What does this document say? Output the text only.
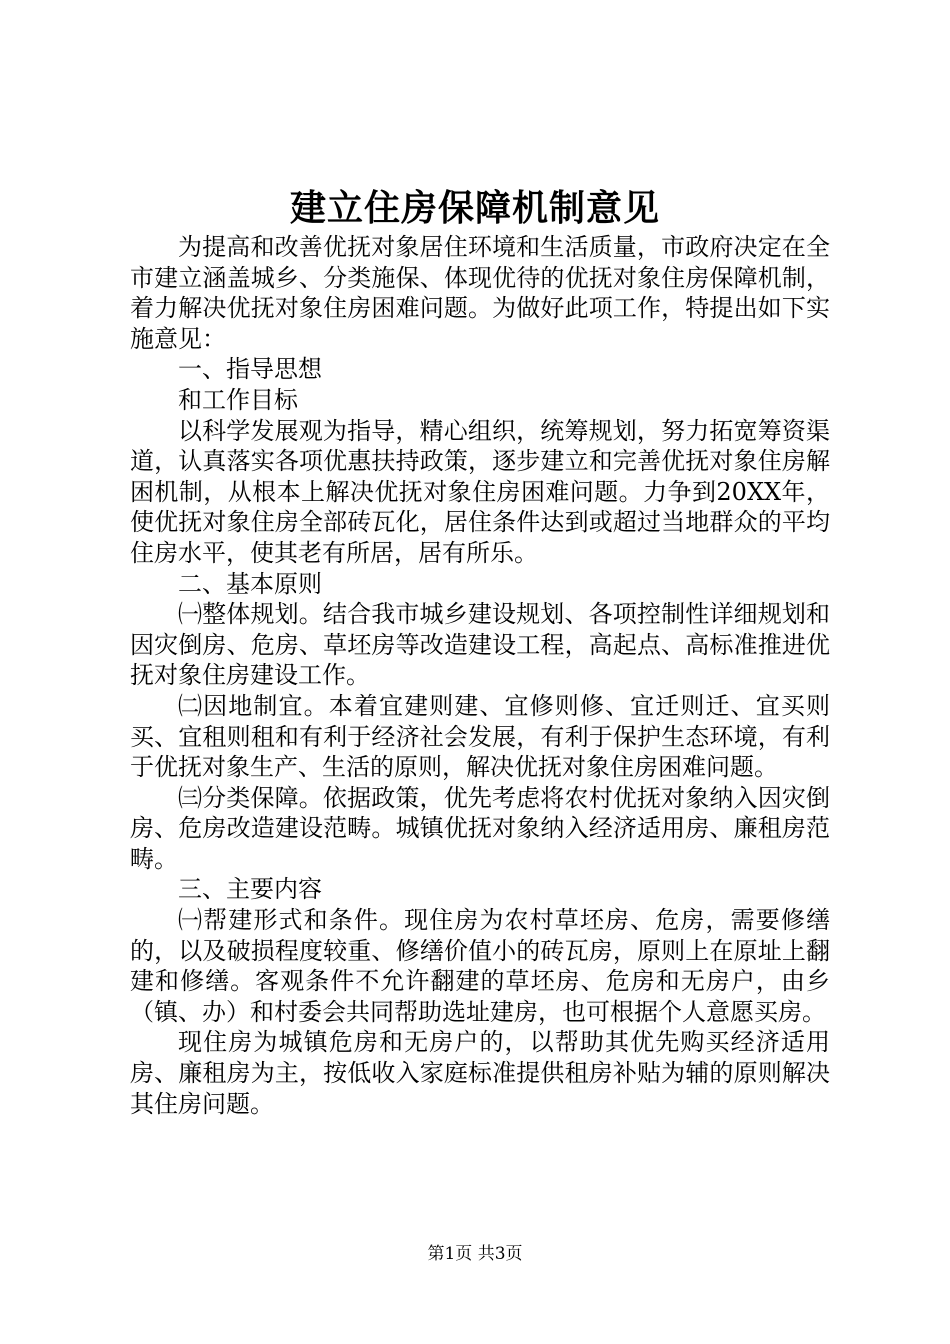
建立住房保障机制意见

为提高和改善优抚对象居住环境和生活质量，市政府决定在全市建立涵盖城乡、分类施保、体现优待的优抚对象住房保障机制，着力解决优抚对象住房困难问题。为做好此项工作，特提出如下实施意见：

一、指导思想

和工作目标

以科学发展观为指导，精心组织，统筹规划，努力拓宽筹资渠道，认真落实各项优惠扶持政策，逐步建立和完善优抚对象住房解困机制，从根本上解决优抚对象住房困难问题。力争到20XX年，使优抚对象住房全部砖瓦化，居住条件达到或超过当地群众的平均住房水平，使其老有所居，居有所乐。

二、基本原则

㈠整体规划。结合我市城乡建设规划、各项控制性详细规划和因灾倒房、危房、草坯房等改造建设工程，高起点、高标准推进优抚对象住房建设工作。

㈡因地制宜。本着宜建则建、宜修则修、宜迁则迁、宜买则买、宜租则租和有利于经济社会发展，有利于保护生态环境，有利于优抚对象生产、生活的原则，解决优抚对象住房困难问题。

㈢分类保障。依据政策，优先考虑将农村优抚对象纳入因灾倒房、危房改造建设范畴。城镇优抚对象纳入经济适用房、廉租房范畴。

三、主要内容

㈠帮建形式和条件。现住房为农村草坯房、危房，需要修缮的，以及破损程度较重、修缮价值小的砖瓦房，原则上在原址上翻建和修缮。客观条件不允许翻建的草坯房、危房和无房户，由乡（镇、办）和村委会共同帮助选址建房，也可根据个人意愿买房。

现住房为城镇危房和无房户的，以帮助其优先购买经济适用房、廉租房为主，按低收入家庭标准提供租房补贴为辅的原则解决其住房问题。

第1页 共3页
